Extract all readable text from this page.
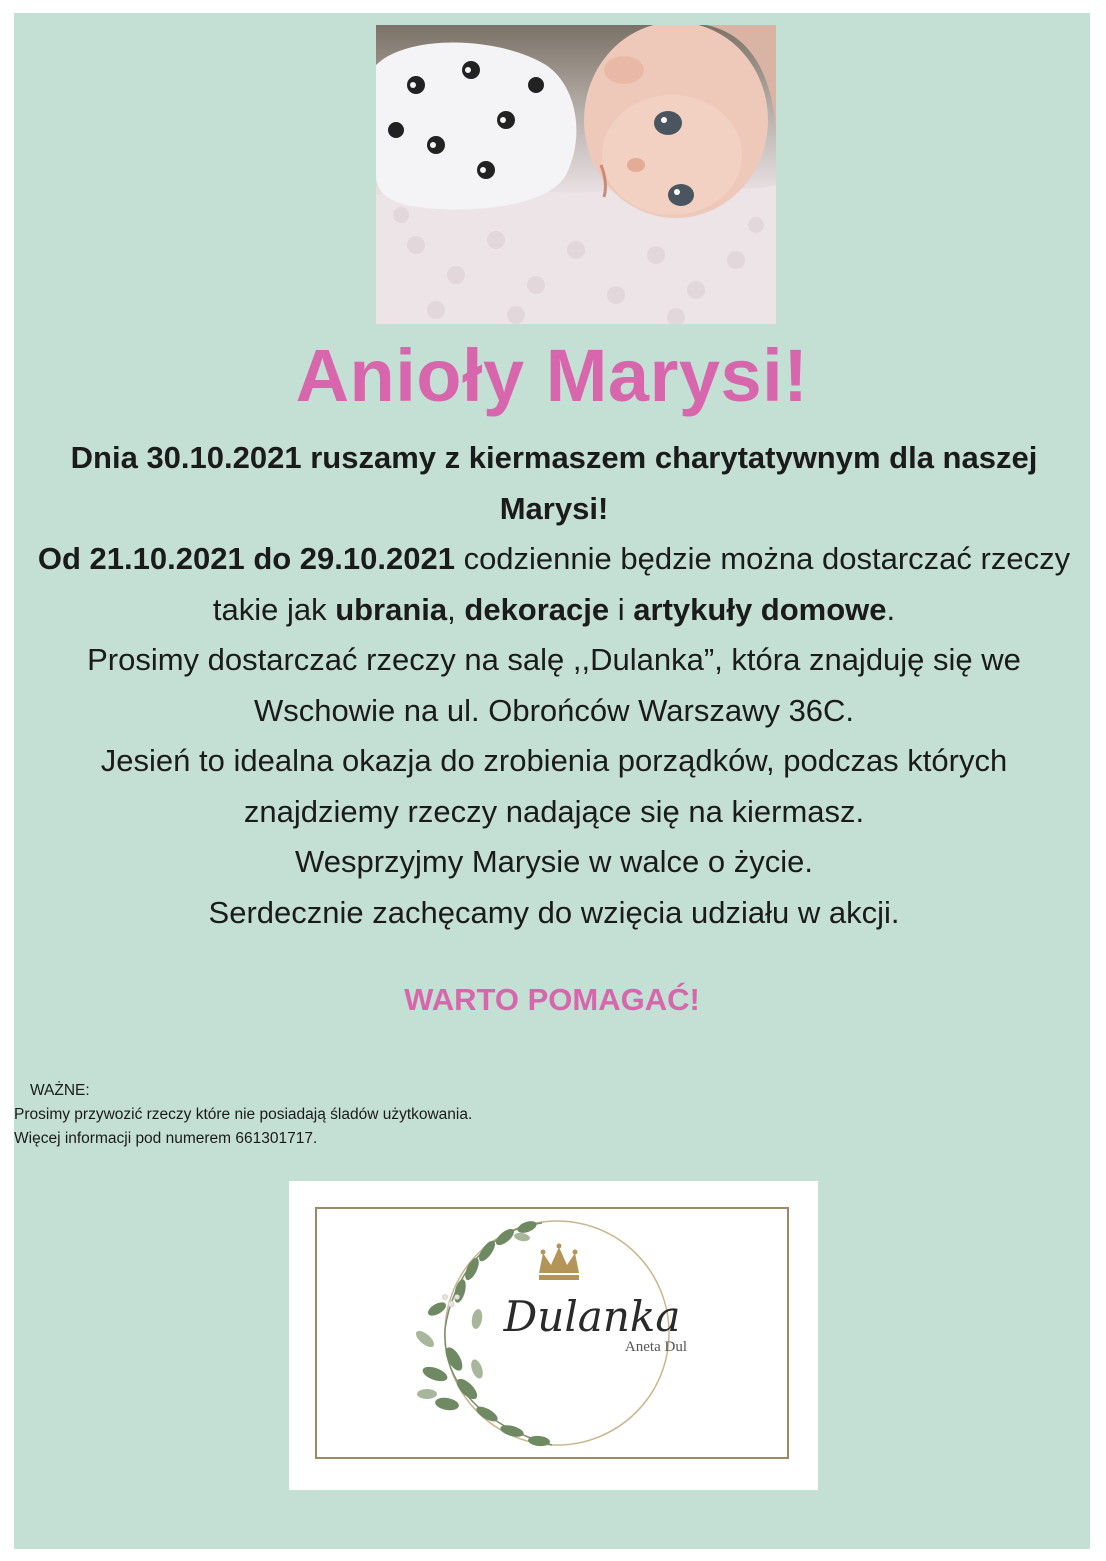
Anioły Marysi!

Dnia 30.10.2021 ruszamy z kiermaszem charytatywnym dla naszej Marysi!

Od 21.10.2021 do 29.10.2021 codziennie będzie można dostarczać rzeczy takie jak ubrania, dekoracje i artykuły domowe.

Prosimy dostarczać rzeczy na salę ,,Dulanka”, która znajduję się we Wschowie na ul. Obrońców Warszawy 36C.

Jesień to idealna okazja do zrobienia porządków, podczas których znajdziemy rzeczy nadające się na kiermasz.

Wesprzyjmy Marysie w walce o życie.

Serdecznie zachęcamy do wzięcia udziału w akcji.

WARTO POMAGAĆ!
WAŻNE:
Prosimy przywozić rzeczy które nie posiadają śladów użytkowania.
Więcej informacji pod numerem 661301717.
Dulanka
Aneta Dul
